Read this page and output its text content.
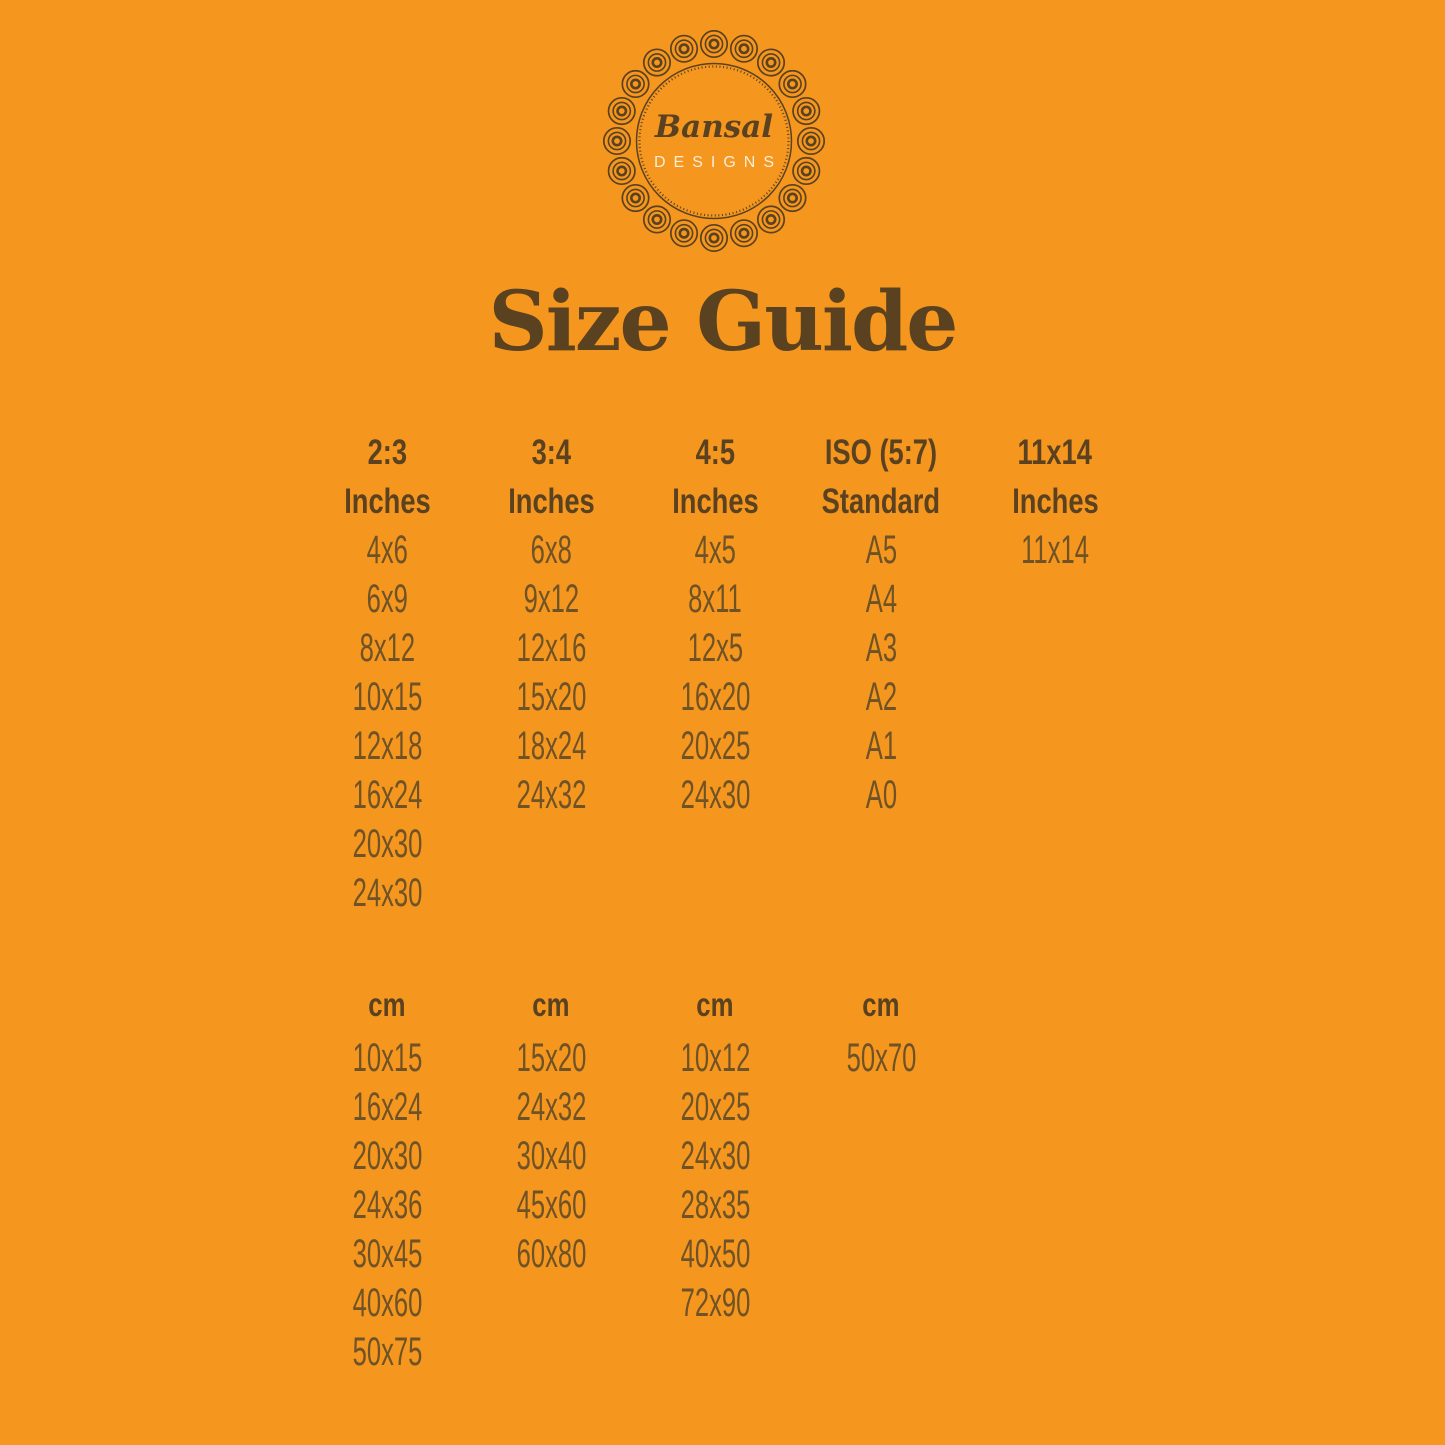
Bansal
DESIGNS
Size Guide
2:3
Inches
4x6
6x9
8x12
10x15
12x18
16x24
20x30
24x30
3:4
Inches
6x8
9x12
12x16
15x20
18x24
24x32
4:5
Inches
4x5
8x11
12x5
16x20
20x25
24x30
ISO (5:7)
Standard
A5
A4
A3
A2
A1
A0
11x14
Inches
11x14
cm
10x15
16x24
20x30
24x36
30x45
40x60
50x75
cm
15x20
24x32
30x40
45x60
60x80
cm
10x12
20x25
24x30
28x35
40x50
72x90
cm
50x70
